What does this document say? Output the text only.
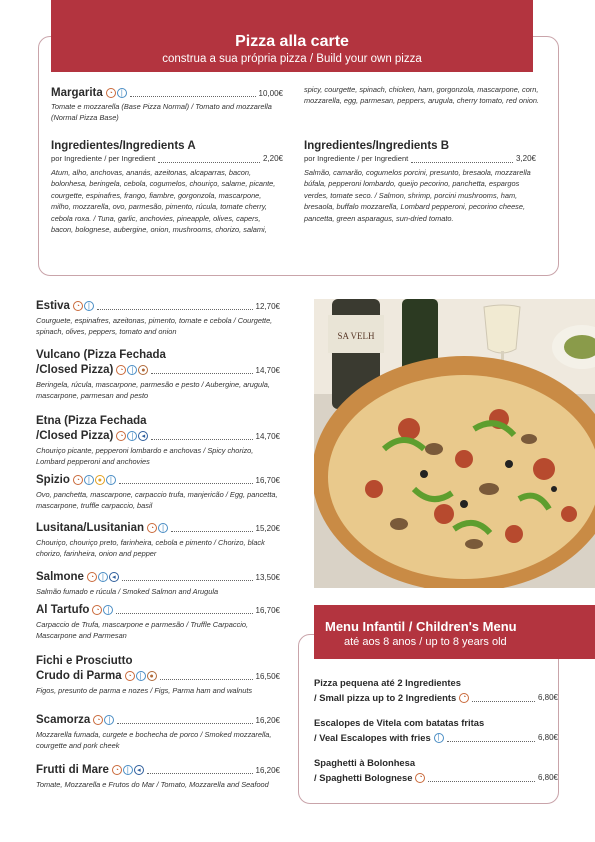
Pizza alla carte
construa a sua própria pizza / Build your own pizza
Margarita ◔ ❘	10,00€
Tomate e mozzarella (Base Pizza Normal) / Tomato and mozzarella (Normal Pizza Base)
Ingredientes/Ingredients A
por Ingrediente / per Ingredient	2,20€
Atum, alho, anchovas, ananás, azeitonas, alcaparras, bacon, bolonhesa, beringela, cebola, cogumelos, chouriço, salame, picante, courgette, espinafres, frango, fiambre, gorgonzola, mascarpone, milho, mozzarella, ovo, parmesão, pimento, rúcula, tomate cherry, cebola roxa. / Tuna, garlic, anchovies, pineapple, olives, capers, bacon, bolognese, aubergine, onion, mushrooms, chorizo, salami,
spicy, courgette, spinach, chicken, ham, gorgonzola, mascarpone, corn, mozzarella, egg, parmesan, peppers, arugula, cherry tomato, red onion.
Ingredientes/Ingredients B
por Ingrediente / per Ingredient	3,20€
Salmão, camarão, cogumelos porcini, presunto, bresaola, mozzarella búfala, pepperoni lombardo, queijo pecorino, panchetta, espargos verdes, tomate seco. / Salmon, shrimp, porcini mushrooms, ham, bresaola, buffalo mozzarella, Lombard pepperoni, pecorino cheese, pancetta, green asparagus, sun-dried tomato.
Estiva ◔ ❘	12,70€
Courguete, espinafres, azeitonas, pimento, tomate e cebola / Courgette, spinach, olives, peppers, tomato and onion
Vulcano (Pizza Fechada
/Closed Pizza) ◔ ❘ ●	14,70€
Beringela, rúcula, mascarpone, parmesão e pesto / Aubergine, arugula, mascarpone, parmesan and pesto
Etna (Pizza Fechada
/Closed Pizza) ◔ ❘ ◂	14,70€
Chouriço picante, pepperoni lombardo e anchovas / Spicy chorizo, Lombard pepperoni and anchovies
Spizio ◔ ❘ ● ❘	16,70€
Ovo, panchetta, mascarpone, carpaccio trufa, manjericão / Egg, pancetta, mascarpone, truffle carpaccio, basil
Lusitana/Lusitanian ◔ ❘	15,20€
Chouriço, chouriço preto, farinheira, cebola e pimento / Chorizo, black chorizo, farinheira, onion and pepper
Salmone ◔ ❘ ◂	13,50€
Salmão fumado e rúcula / Smoked Salmon and Arugula
Al Tartufo ◔ ❘	16,70€
Carpaccio de Trufa, mascarpone e parmesão / Truffle Carpaccio, Mascarpone and Parmesan
Fichi e Prosciutto
Crudo di Parma ◔ ❘ ●	16,50€
Figos, presunto de parma e nozes / Figs, Parma ham and walnuts
Scamorza ◔ ❘	16,20€
Mozzarella fumada, curgete e bochecha de porco / Smoked mozzarella, courgette and pork cheek
Frutti di Mare ◔ ❘ ◂	16,20€
Tomate, Mozzarella e Frutos do Mar / Tomato, Mozzarella and Seafood
SA VELH
Menu Infantil / Children's Menu
até aos 8 anos / up to 8 years old
Pizza pequena até 2 Ingredientes
/ Small pizza up to 2 Ingredients ◔	6,80€
Escalopes de Vitela com batatas fritas
/ Veal Escalopes with fries ❘	6,80€
Spaghetti à Bolonhesa
/ Spaghetti Bolognese ◔	6,80€
